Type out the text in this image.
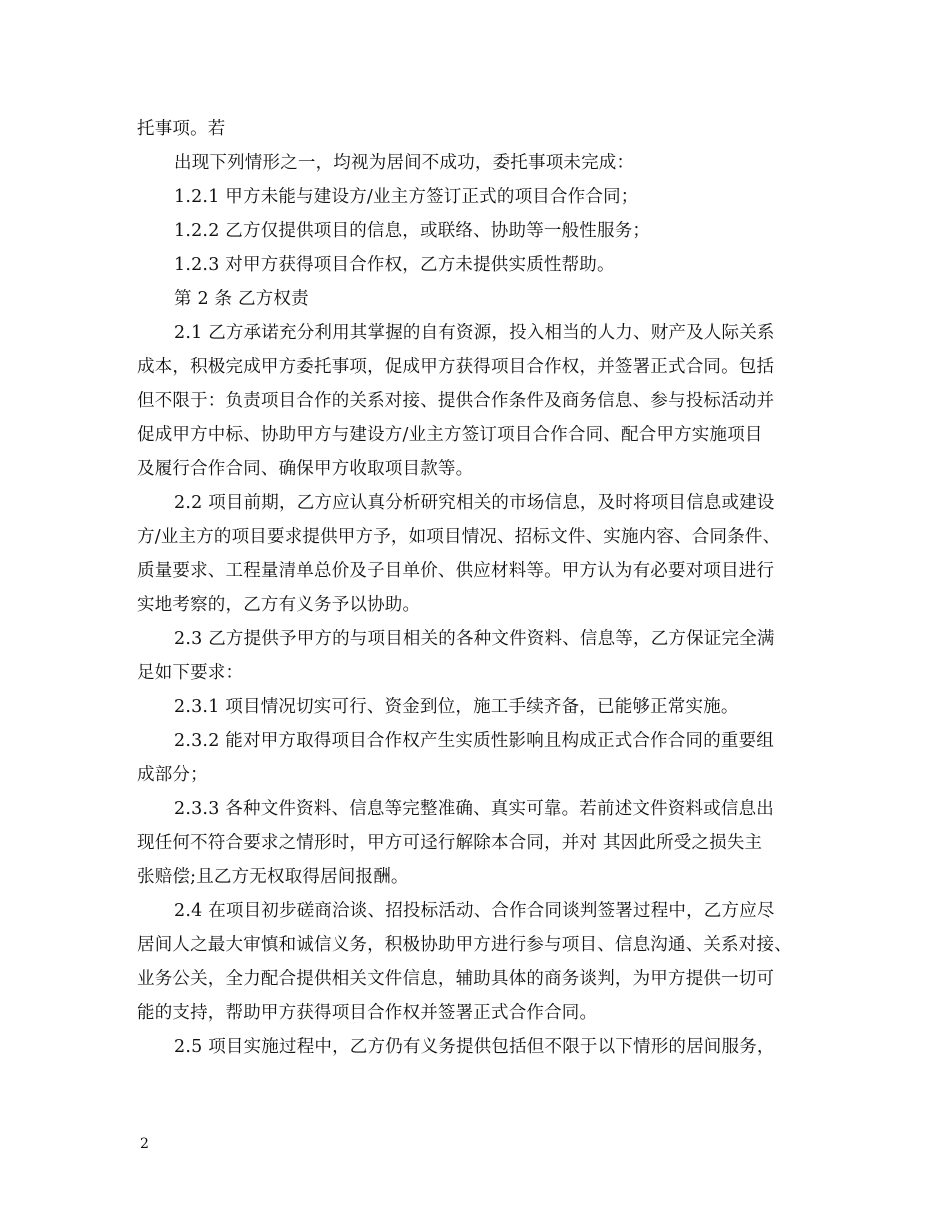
托事项。若
出现下列情形之一，均视为居间不成功，委托事项未完成：
1.2.1 甲方未能与建设方/业主方签订正式的项目合作合同；
1.2.2 乙方仅提供项目的信息，或联络、协助等一般性服务；
1.2.3 对甲方获得项目合作权，乙方未提供实质性帮助。
第 2 条 乙方权责
2.1 乙方承诺充分利用其掌握的自有资源，投入相当的人力、财产及人际关系
成本，积极完成甲方委托事项，促成甲方获得项目合作权，并签署正式合同。包括
但不限于：负责项目合作的关系对接、提供合作条件及商务信息、参与投标活动并
促成甲方中标、协助甲方与建设方/业主方签订项目合作合同、配合甲方实施项目
及履行合作合同、确保甲方收取项目款等。
2.2 项目前期，乙方应认真分析研究相关的市场信息，及时将项目信息或建设
方/业主方的项目要求提供甲方予，如项目情况、招标文件、实施内容、合同条件、
质量要求、工程量清单总价及子目单价、供应材料等。甲方认为有必要对项目进行
实地考察的，乙方有义务予以协助。
2.3 乙方提供予甲方的与项目相关的各种文件资料、信息等，乙方保证完全满
足如下要求：
2.3.1 项目情况切实可行、资金到位，施工手续齐备，已能够正常实施。
2.3.2 能对甲方取得项目合作权产生实质性影响且构成正式合作合同的重要组
成部分；
2.3.3 各种文件资料、信息等完整准确、真实可靠。若前述文件资料或信息出
现任何不符合要求之情形时，甲方可迳行解除本合同，并对 其因此所受之损失主
张赔偿;且乙方无权取得居间报酬。
2.4 在项目初步磋商洽谈、招投标活动、合作合同谈判签署过程中，乙方应尽
居间人之最大审慎和诚信义务，积极协助甲方进行参与项目、信息沟通、关系对接、
业务公关，全力配合提供相关文件信息，辅助具体的商务谈判，为甲方提供一切可
能的支持，帮助甲方获得项目合作权并签署正式合作合同。
2.5 项目实施过程中，乙方仍有义务提供包括但不限于以下情形的居间服务，
2
